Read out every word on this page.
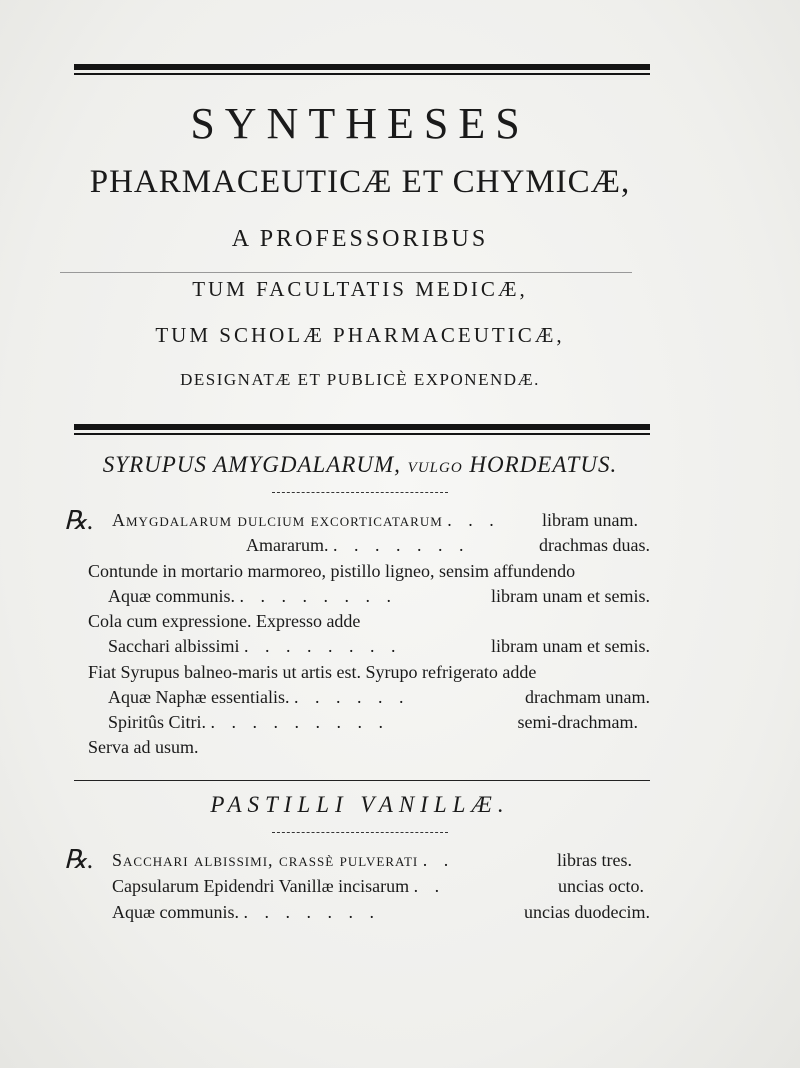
SYNTHESES
PHARMACEUTICÆ ET CHYMICÆ,
A PROFESSORIBUS
TUM FACULTATIS MEDICÆ,
TUM SCHOLÆ PHARMACEUTICÆ,
DESIGNATÆ ET PUBLICÈ EXPONENDÆ.
SYRUPUS AMYGDALARUM, VULGO HORDEATUS.
℞. Amygdalarum dulcium excorticatarum . . . libram unam.
Amararum. . . . . . . .	drachmas duas.
Contunde in mortario marmoreo, pistillo ligneo, sensim affundendo
Aquæ communis. . . . . . . . .	libram unam et semis.
Cola cum expressione. Expresso adde
Sacchari albissimi . . . . . . . .	libram unam et semis.
Fiat Syrupus balneo-maris ut artis est. Syrupo refrigerato adde
Aquæ Naphæ essentialis. . . . . . .	drachmam unam.
Spiritûs Citri. . . . . . . . . .	semi-drachmam.
Serva ad usum.
PASTILLI VANILLÆ.
℞. Sacchari albissimi, crassè pulverati . .	libras tres.
Capsularum Epidendri Vanillæ incisarum . .	uncias octo.
Aquæ communis. . . . . . . .	uncias duodecim.
